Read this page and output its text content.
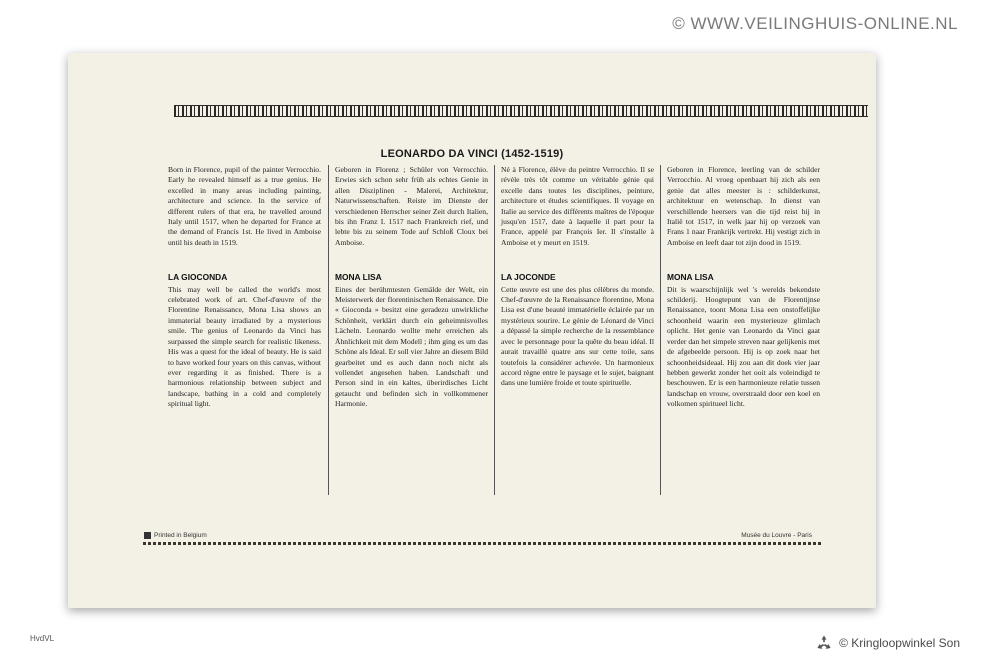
© WWW.VEILINGHUIS-ONLINE.NL
LEONARDO DA VINCI (1452-1519)

Born in Florence, pupil of the painter Verrocchio. Early he revealed himself as a true genius. He excelled in many areas including painting, architecture and science. In the service of different rulers of that era, he travelled around Italy until 1517, when he departed for France at the demand of Francis 1st. He lived in Amboise until his death in 1519.

LA GIOCONDA

This may well be called the world's most celebrated work of art. Chef-d'œuvre of the Florentine Renaissance, Mona Lisa shows an immaterial beauty irradiated by a mysterious smile. The genius of Leonardo da Vinci has surpassed the simple search for realistic likeness. His was a quest for the ideal of beauty. He is said to have worked four years on this canvas, without ever regarding it as finished. There is a harmonious relationship between subject and landscape, bathing in a cold and completely spiritual light.

Geboren in Florenz ; Schüler von Verrocchio. Erwies sich schon sehr früh als echtes Genie in allen Disziplinen - Malerei, Architektur, Naturwissenschaften. Reiste im Dienste der verschiedenen Herrscher seiner Zeit durch Italien, bis ihn Franz I. 1517 nach Frankreich rief, und lebte bis zu seinem Tode auf Schloß Cloux bei Amboise.

MONA LISA

Eines der berühmtesten Gemälde der Welt, ein Meisterwerk der florentinischen Renaissance. Die « Gioconda » besitzt eine geradezu unwirkliche Schönheit, verklärt durch ein geheimnisvolles Lächeln. Leonardo wollte mehr erreichen als Ähnlichkeit mit dem Modell ; ihm ging es um das Schöne als Ideal. Er soll vier Jahre an diesem Bild gearbeitet und es auch dann noch nicht als vollendet angesehen haben. Landschaft und Person sind in ein kaltes, überirdisches Licht getaucht und befinden sich in vollkommener Harmonie.

Né à Florence, élève du peintre Verrocchio. Il se révèle très tôt comme un véritable génie qui excelle dans toutes les disciplines, peinture, architecture et études scientifiques. Il voyage en Italie au service des différents maîtres de l'époque jusqu'en 1517, date à laquelle il part pour la France, appelé par François Ier. Il s'installe à Amboise et y meurt en 1519.

LA JOCONDE

Cette œuvre est une des plus célèbres du monde. Chef-d'œuvre de la Renaissance florentine, Mona Lisa est d'une beauté immatérielle éclairée par un mystérieux sourire. Le génie de Léonard de Vinci a dépassé la simple recherche de la ressemblance avec le personnage pour la quête du beau idéal. Il aurait travaillé quatre ans sur cette toile, sans toutefois la considérer achevée. Un harmonieux accord règne entre le paysage et le sujet, baignant dans une lumière froide et toute spirituelle.

Geboren in Florence, leerling van de schilder Verrocchio. Al vroeg openbaart hij zich als een genie dat alles meester is : schilderkunst, architektuur en wetenschap. In dienst van verschillende heersers van die tijd reist hij in Italië tot 1517, in welk jaar hij op verzoek van Frans 1 naar Frankrijk vertrekt. Hij vestigt zich in Amboise en leeft daar tot zijn dood in 1519.

MONA LISA

Dit is waarschijnlijk wel 's werelds bekendste schilderij. Hoogtepunt van de Florentijnse Renaissance, toont Mona Lisa een onstoffelijke schoonheid waarin een mysterieuze glimlach oplicht. Het genie van Leonardo da Vinci gaat verder dan het simpele streven naar gelijkenis met de afgebeelde persoon. Hij is op zoek naar het schoonheidsideaal. Hij zou aan dit doek vier jaar hebben gewerkt zonder het ooit als voleindigd te beschouwen. Er is een harmonieuze relatie tussen landschap en vrouw, overstraald door een koel en volkomen spiritueel licht.

Printed in Belgium	Musée du Louvre - Paris
HvdVL	© Kringloopwinkel Son
